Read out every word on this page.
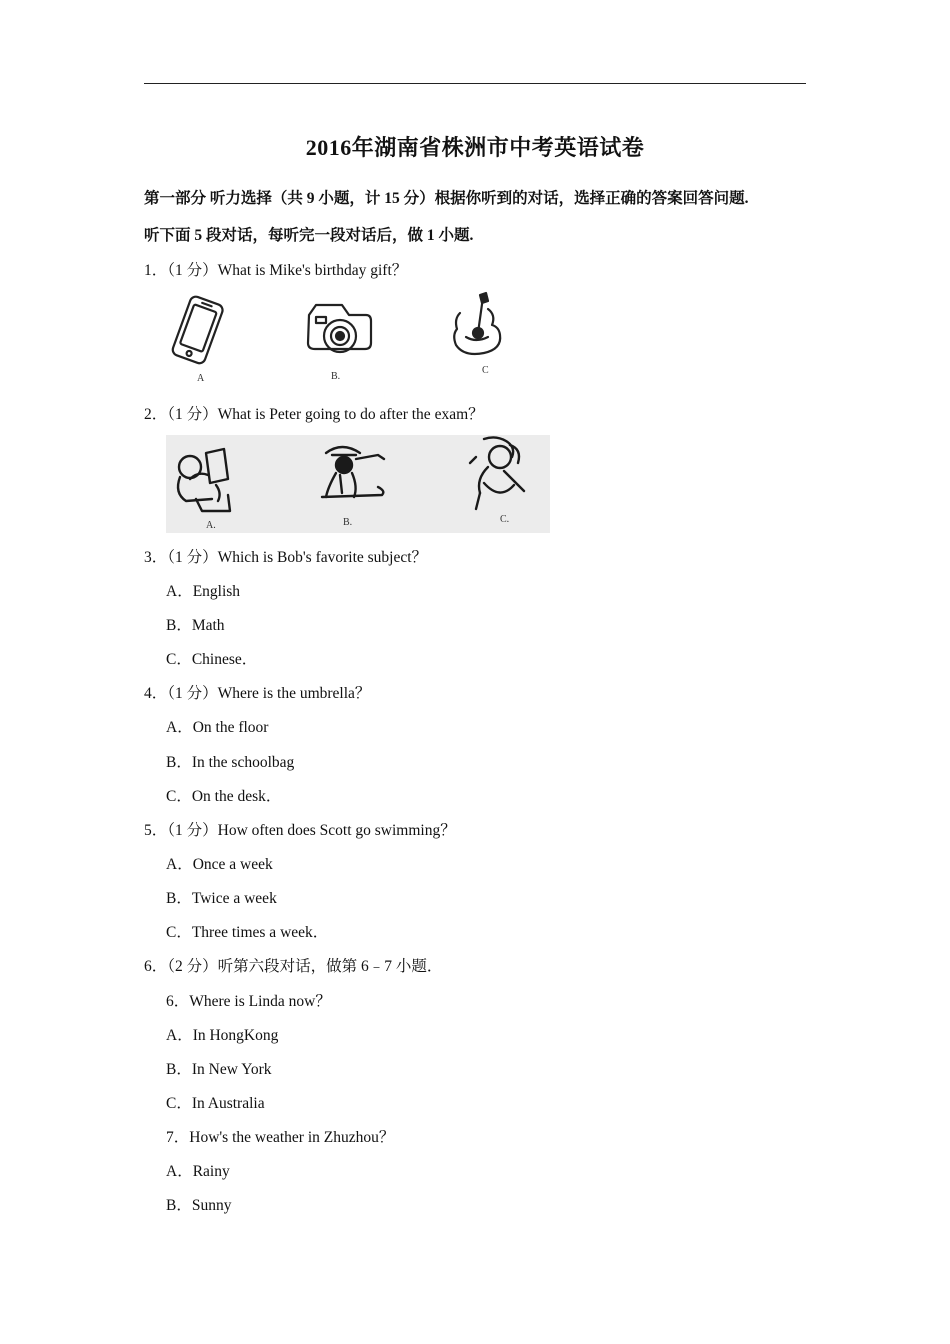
2016年湖南省株洲市中考英语试卷
第一部分 听力选择（共 9 小题，计 15 分）根据你听到的对话，选择正确的答案回答问题.
听下面 5 段对话，每听完一段对话后，做 1 小题.
1．（1 分）What is Mike's birthday gift？
A	B.
C
2．（1 分）What is Peter going to do after the exam？
A.	B.	C.
3．（1 分）Which is Bob's favorite subject？
A．English
B．Math
C．Chinese．
4．（1 分）Where is the umbrella？
A．On the floor
B．In the schoolbag
C．On the desk．
5．（1 分）How often does Scott go swimming？
A．Once a week
B．Twice a week
C．Three times a week．
6．（2 分）听第六段对话，做第 6﹣7 小题．
6．Where is Linda now？
A．In HongKong
B．In New York
C．In Australia
7．How's the weather in Zhuzhou？
A．Rainy
B．Sunny
